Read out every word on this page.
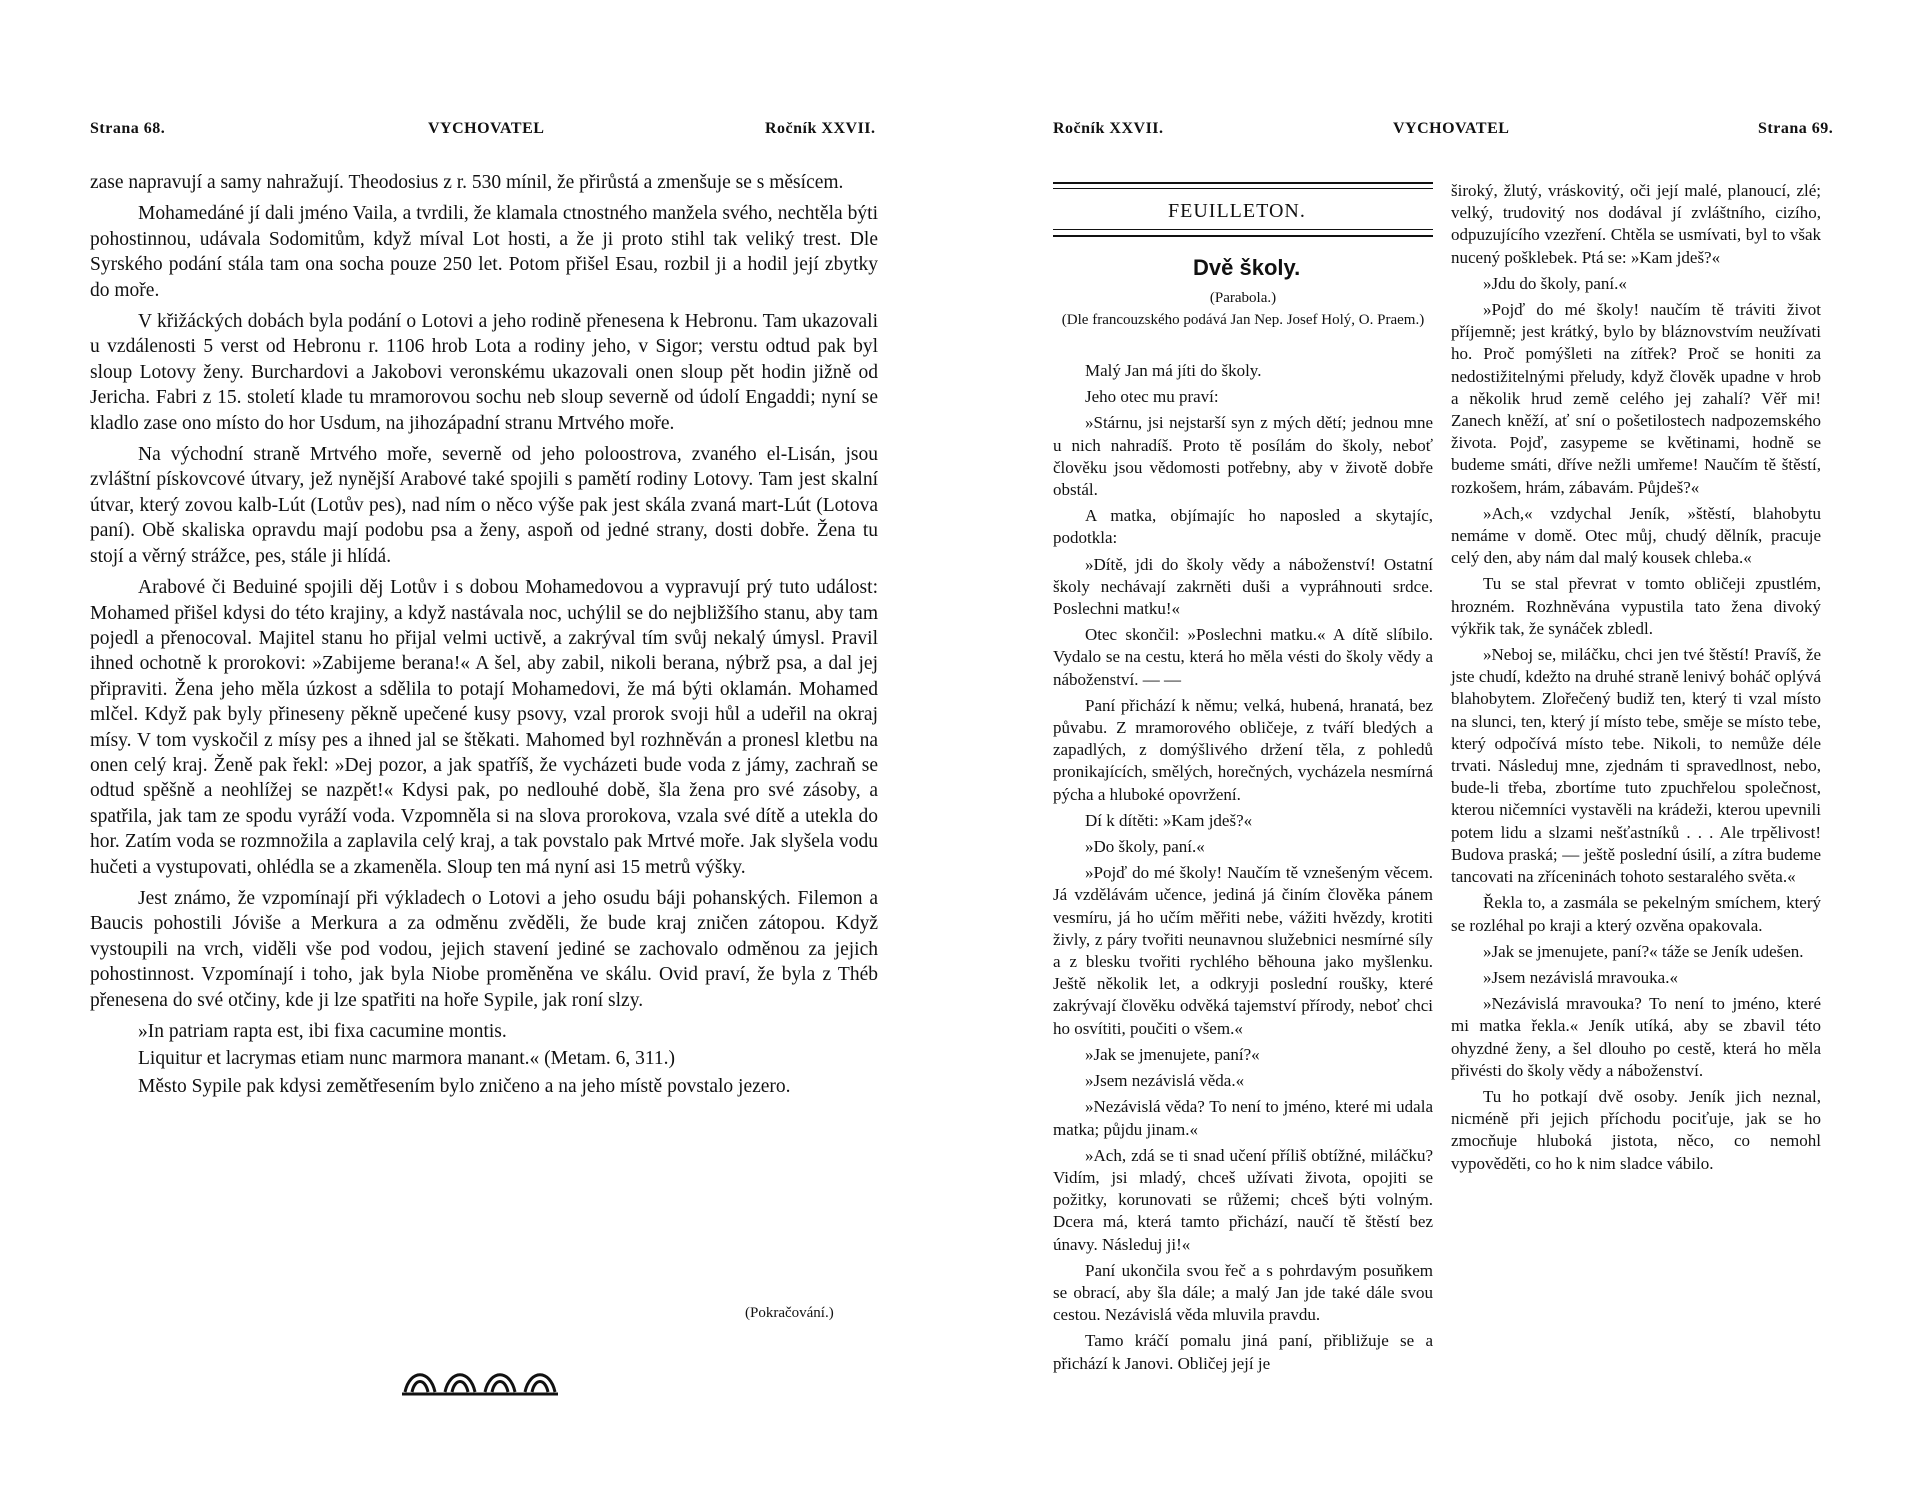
Strana 68.	VYCHOVATEL	Ročník XXVII.

zase napravují a samy nahražují. Theodosius z r. 530 mínil, že přirůstá a zmenšuje se s měsícem.

Mohamedáné jí dali jméno Vaila, a tvrdili, že klamala ctnostného manžela svého, nechtěla býti pohostinnou, udávala Sodomitům, když míval Lot hosti, a že ji proto stihl tak veliký trest. Dle Syrského podání stála tam ona socha pouze 250 let. Potom přišel Esau, rozbil ji a hodil její zbytky do moře.

V křižáckých dobách byla podání o Lotovi a jeho rodině přenesena k Hebronu. Tam ukazovali u vzdálenosti 5 verst od Hebronu r. 1106 hrob Lota a rodiny jeho, v Sigor; verstu odtud pak byl sloup Lotovy ženy. Burchardovi a Jakobovi veronskému ukazovali onen sloup pět hodin jižně od Jericha. Fabri z 15. století klade tu mramorovou sochu neb sloup severně od údolí Engaddi; nyní se kladlo zase ono místo do hor Usdum, na jihozápadní stranu Mrtvého moře.

Na východní straně Mrtvého moře, severně od jeho poloostrova, zvaného el-Lisán, jsou zvláštní pískovcové útvary, jež nynější Arabové také spojili s pamětí rodiny Lotovy. Tam jest skalní útvar, který zovou kalb-Lút (Lotův pes), nad ním o něco výše pak jest skála zvaná mart-Lút (Lotova paní). Obě skaliska opravdu mají podobu psa a ženy, aspoň od jedné strany, dosti dobře. Žena tu stojí a věrný strážce, pes, stále ji hlídá.

Arabové či Beduiné spojili děj Lotův i s dobou Mohamedovou a vypravují prý tuto událost: Mohamed přišel kdysi do této krajiny, a když nastávala noc, uchýlil se do nejbližšího stanu, aby tam pojedl a přenocoval. Majitel stanu ho přijal velmi uctivě, a zakrýval tím svůj nekalý úmysl. Pravil ihned ochotně k prorokovi: »Zabijeme berana!« A šel, aby zabil, nikoli berana, nýbrž psa, a dal jej připraviti. Žena jeho měla úzkost a sdělila to potají Mohamedovi, že má býti oklamán. Mohamed mlčel. Když pak byly přineseny pěkně upečené kusy psovy, vzal prorok svoji hůl a udeřil na okraj mísy. V tom vyskočil z mísy pes a ihned jal se štěkati. Mahomed byl rozhněván a pronesl kletbu na onen celý kraj. Ženě pak řekl: »Dej pozor, a jak spatříš, že vycházeti bude voda z jámy, zachraň se odtud spěšně a neohlížej se nazpět!« Kdysi pak, po nedlouhé době, šla žena pro své zásoby, a spatřila, jak tam ze spodu vyráží voda. Vzpomněla si na slova prorokova, vzala své dítě a utekla do hor. Zatím voda se rozmnožila a zaplavila celý kraj, a tak povstalo pak Mrtvé moře. Jak slyšela vodu hučeti a vystupovati, ohlédla se a zkameněla. Sloup ten má nyní asi 15 metrů výšky.

Jest známo, že vzpomínají při výkladech o Lotovi a jeho osudu báji pohanských. Filemon a Baucis pohostili Jóviše a Merkura a za odměnu zvěděli, že bude kraj zničen zátopou. Když vystoupili na vrch, viděli vše pod vodou, jejich stavení jediné se zachovalo odměnou za jejich pohostinnost. Vzpomínají i toho, jak byla Niobe proměněna ve skálu. Ovid praví, že byla z Théb přenesena do své otčiny, kde ji lze spatřiti na hoře Sypile, jak roní slzy.

»In patriam rapta est, ibi fixa cacumine montis.

Liquitur et lacrymas etiam nunc marmora manant.« (Metam. 6, 311.)

Město Sypile pak kdysi zemětřesením bylo zničeno a na jeho místě povstalo jezero.

(Pokračování.)
Ročník XXVII.	VYCHOVATEL	Strana 69.
FEUILLETON.
Dvě školy.
(Parabola.)
(Dle francouzského podává Jan Nep. Josef Holý, O. Praem.)

Malý Jan má jíti do školy.

Jeho otec mu praví:

»Stárnu, jsi nejstarší syn z mých dětí; jednou mne u nich nahradíš. Proto tě posílám do školy, neboť člověku jsou vědomosti potřebny, aby v životě dobře obstál.

A matka, objímajíc ho naposled a skytajíc, podotkla:

»Dítě, jdi do školy vědy a náboženství! Ostatní školy nechávají zakrněti duši a vypráhnouti srdce. Poslechni matku!«

Otec skončil: »Poslechni matku.« A dítě slíbilo. Vydalo se na cestu, která ho měla vésti do školy vědy a náboženství. — —

Paní přichází k němu; velká, hubená, hranatá, bez půvabu. Z mramorového obličeje, z tváří bledých a zapadlých, z domýšlivého držení těla, z pohledů pronikajících, smělých, horečných, vycházela nesmírná pýcha a hluboké opovržení.

Dí k dítěti: »Kam jdeš?«

»Do školy, paní.«

»Pojď do mé školy! Naučím tě vznešeným věcem. Já vzdělávám učence, jediná já činím člověka pánem vesmíru, já ho učím měřiti nebe, vážiti hvězdy, krotiti živly, z páry tvořiti neunavnou služebnici nesmírné síly a z blesku tvořiti rychlého běhouna jako myšlenku. Ještě několik let, a odkryji poslední roušky, které zakrývají člověku odvěká tajemství přírody, neboť chci ho osvítiti, poučiti o všem.«

»Jak se jmenujete, paní?«

»Jsem nezávislá věda.«

»Nezávislá věda? To není to jméno, které mi udala matka; půjdu jinam.«

»Ach, zdá se ti snad učení příliš obtížné, miláčku? Vidím, jsi mladý, chceš užívati života, opojiti se požitky, korunovati se růžemi; chceš býti volným. Dcera má, která tamto přichází, naučí tě štěstí bez únavy. Následuj ji!«

Paní ukončila svou řeč a s pohrdavým posuňkem se obrací, aby šla dále; a malý Jan jde také dále svou cestou. Nezávislá věda mluvila pravdu.

Tamo kráčí pomalu jiná paní, přibližuje se a přichází k Janovi. Obličej její je

široký, žlutý, vráskovitý, oči její malé, planoucí, zlé; velký, trudovitý nos dodával jí zvláštního, cizího, odpuzujícího vzezření. Chtěla se usmívati, byl to však nucený pošklebek. Ptá se: »Kam jdeš?«

»Jdu do školy, paní.«

»Pojď do mé školy! naučím tě tráviti život příjemně; jest krátký, bylo by bláznovstvím neužívati ho. Proč pomýšleti na zítřek? Proč se honiti za nedostižitelnými přeludy, když člověk upadne v hrob a několik hrud země celého jej zahalí? Věř mi! Zanech kněží, ať sní o pošetilostech nadpozemského života. Pojď, zasypeme se květinami, hodně se budeme smáti, dříve nežli umřeme! Naučím tě štěstí, rozkošem, hrám, zábavám. Půjdeš?«

»Ach,« vzdychal Jeník, »štěstí, blahobytu nemáme v domě. Otec můj, chudý dělník, pracuje celý den, aby nám dal malý kousek chleba.«

Tu se stal převrat v tomto obličeji zpustlém, hrozném. Rozhněvána vypustila tato žena divoký výkřik tak, že synáček zbledl.

»Neboj se, miláčku, chci jen tvé štěstí! Pravíš, že jste chudí, kdežto na druhé straně lenivý boháč oplývá blahobytem. Zlořečený budiž ten, který ti vzal místo na slunci, ten, který jí místo tebe, směje se místo tebe, který odpočívá místo tebe. Nikoli, to nemůže déle trvati. Následuj mne, zjednám ti spravedlnost, nebo, bude-li třeba, zbortíme tuto zpuchřelou společnost, kterou ničemníci vystavěli na krádeži, kterou upevnili potem lidu a slzami nešťastníků . . . Ale trpělivost! Budova praská; — ještě poslední úsilí, a zítra budeme tancovati na zříceninách tohoto sestaralého světa.«

Řekla to, a zasmála se pekelným smíchem, který se rozléhal po kraji a který ozvěna opakovala.

»Jak se jmenujete, paní?« táže se Jeník udešen.

»Jsem nezávislá mravouka.«

»Nezávislá mravouka? To není to jméno, které mi matka řekla.« Jeník utíká, aby se zbavil této ohyzdné ženy, a šel dlouho po cestě, která ho měla přivésti do školy vědy a náboženství.

Tu ho potkají dvě osoby. Jeník jich neznal, nicméně při jejich příchodu pociťuje, jak se ho zmocňuje hluboká jistota, něco, co nemohl vypověděti, co ho k nim sladce vábilo.
